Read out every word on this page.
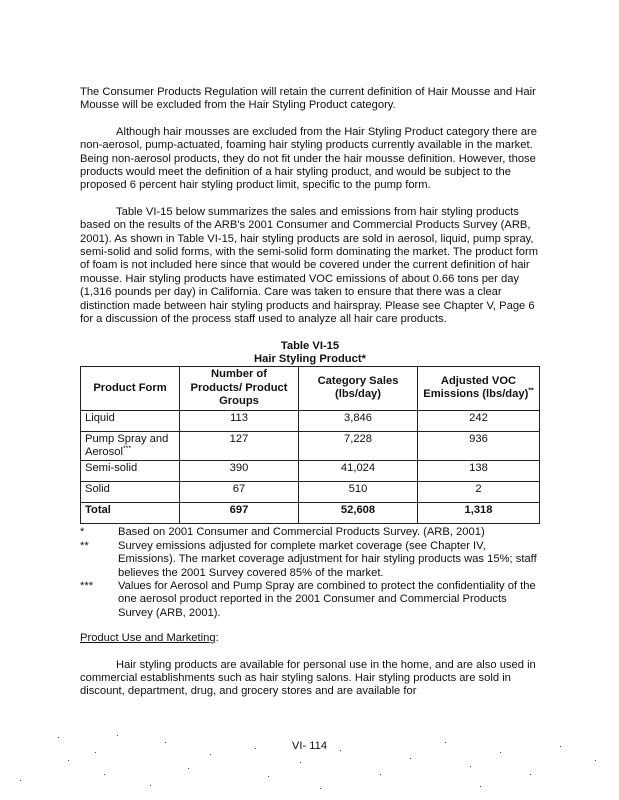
The Consumer Products Regulation will retain the current definition of Hair Mousse and Hair Mousse will be excluded from the Hair Styling Product category.

Although hair mousses are excluded from the Hair Styling Product category there are non-aerosol, pump-actuated, foaming hair styling products currently available in the market. Being non-aerosol products, they do not fit under the hair mousse definition. However, those products would meet the definition of a hair styling product, and would be subject to the proposed 6 percent hair styling product limit, specific to the pump form.

Table VI-15 below summarizes the sales and emissions from hair styling products based on the results of the ARB's 2001 Consumer and Commercial Products Survey (ARB, 2001). As shown in Table VI-15, hair styling products are sold in aerosol, liquid, pump spray, semi-solid and solid forms, with the semi-solid form dominating the market. The product form of foam is not included here since that would be covered under the current definition of hair mousse. Hair styling products have estimated VOC emissions of about 0.66 tons per day (1,316 pounds per day) in California. Care was taken to ensure that there was a clear distinction made between hair styling products and hairspray. Please see Chapter V, Page 6 for a discussion of the process staff used to analyze all hair care products.

Table VI-15
Hair Styling Product*
Product Form	Number of Products/ Product Groups	Category Sales (lbs/day)	Adjusted VOC Emissions (lbs/day)**
Liquid	113	3,846	242
Pump Spray and Aerosol***	127	7,228	936
Semi-solid	390	41,024	138
Solid	67	510	2
Total	697	52,608	1,318
*	Based on 2001 Consumer and Commercial Products Survey. (ARB, 2001)
**	Survey emissions adjusted for complete market coverage (see Chapter IV, Emissions). The market coverage adjustment for hair styling products was 15%; staff believes the 2001 Survey covered 85% of the market.
***	Values for Aerosol and Pump Spray are combined to protect the confidentiality of the one aerosol product reported in the 2001 Consumer and Commercial Products Survey (ARB, 2001).

Product Use and Marketing:

Hair styling products are available for personal use in the home, and are also used in commercial establishments such as hair styling salons. Hair styling products are sold in discount, department, drug, and grocery stores and are available for

VI- 114
